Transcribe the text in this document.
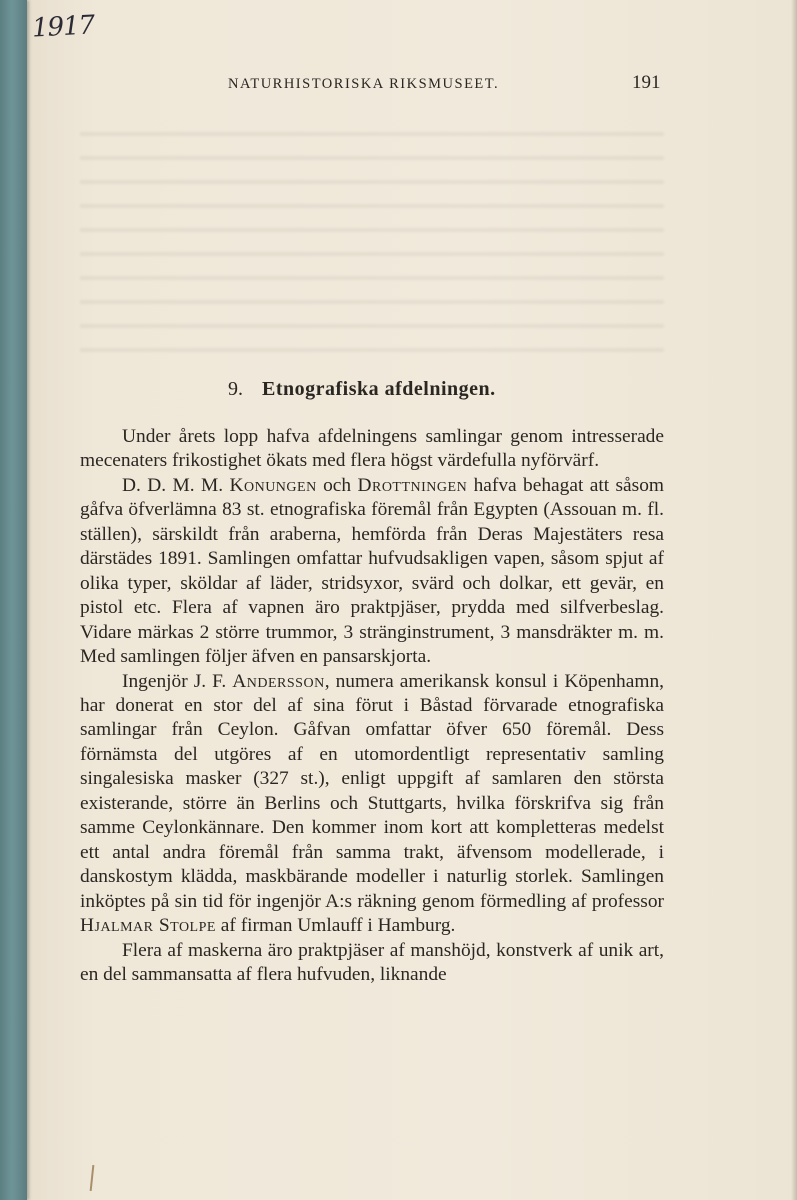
1917
NATURHISTORISKA RIKSMUSEET.	191
9. Etnografiska afdelningen.

Under årets lopp hafva afdelningens samlingar genom intresserade mecenaters frikostighet ökats med flera högst värdefulla nyförvärf.

D. D. M. M. Konungen och Drottningen hafva behagat att såsom gåfva öfverlämna 83 st. etnografiska föremål från Egypten (Assouan m. fl. ställen), särskildt från araberna, hemförda från Deras Majestäters resa därstädes 1891. Samlingen omfattar hufvudsakligen vapen, såsom spjut af olika typer, sköldar af läder, stridsyxor, svärd och dolkar, ett gevär, en pistol etc. Flera af vapnen äro praktpjäser, prydda med silfverbeslag. Vidare märkas 2 större trummor, 3 stränginstrument, 3 mansdräkter m. m. Med samlingen följer äfven en pansarskjorta.

Ingenjör J. F. Andersson, numera amerikansk konsul i Köpenhamn, har donerat en stor del af sina förut i Båstad förvarade etnografiska samlingar från Ceylon. Gåfvan omfattar öfver 650 föremål. Dess förnämsta del utgöres af en utomordentligt representativ samling singalesiska masker (327 st.), enligt uppgift af samlaren den största existerande, större än Berlins och Stuttgarts, hvilka förskrifva sig från samme Ceylonkännare. Den kommer inom kort att kompletteras medelst ett antal andra föremål från samma trakt, äfvensom modellerade, i danskostym klädda, maskbärande modeller i naturlig storlek. Samlingen inköptes på sin tid för ingenjör A:s räkning genom förmedling af professor Hjalmar Stolpe af firman Umlauff i Hamburg.

Flera af maskerna äro praktpjäser af manshöjd, konstverk af unik art, en del sammansatta af flera hufvuden, liknande
